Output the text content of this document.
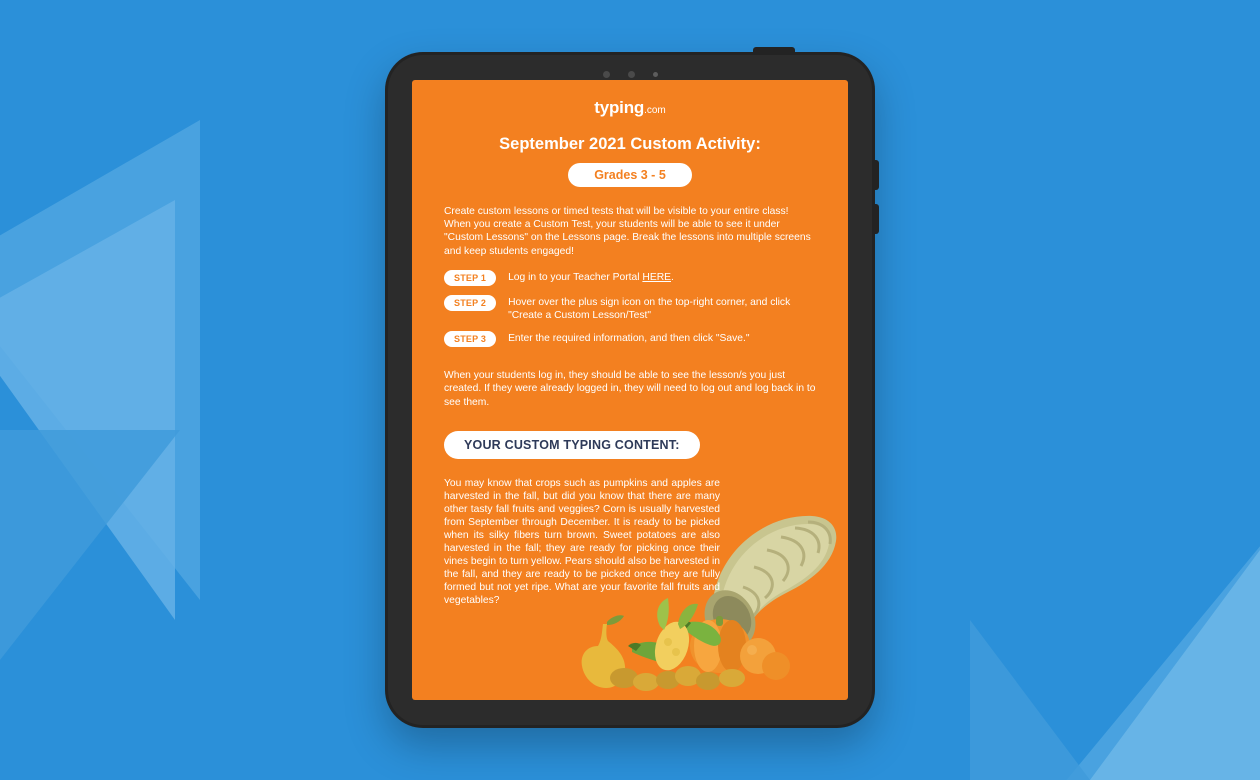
typing.com
September 2021 Custom Activity:
Grades 3 - 5
Create custom lessons or timed tests that will be visible to your entire class! When you create a Custom Test, your students will be able to see it under "Custom Lessons" on the Lessons page. Break the lessons into multiple screens and keep students engaged!
STEP 1	Log in to your Teacher Portal HERE.
STEP 2	Hover over the plus sign icon on the top-right corner, and click "Create a Custom Lesson/Test"
STEP 3	Enter the required information, and then click "Save."
When your students log in, they should be able to see the lesson/s you just created. If they were already logged in, they will need to log out and log back in to see them.
YOUR CUSTOM TYPING CONTENT:
You may know that crops such as pumpkins and apples are harvested in the fall, but did you know that there are many other tasty fall fruits and veggies? Corn is usually harvested from September through December. It is ready to be picked when its silky fibers turn brown. Sweet potatoes are also harvested in the fall; they are ready for picking once their vines begin to turn yellow. Pears should also be harvested in the fall, and they are ready to be picked once they are fully formed but not yet ripe. What are your favorite fall fruits and vegetables?
